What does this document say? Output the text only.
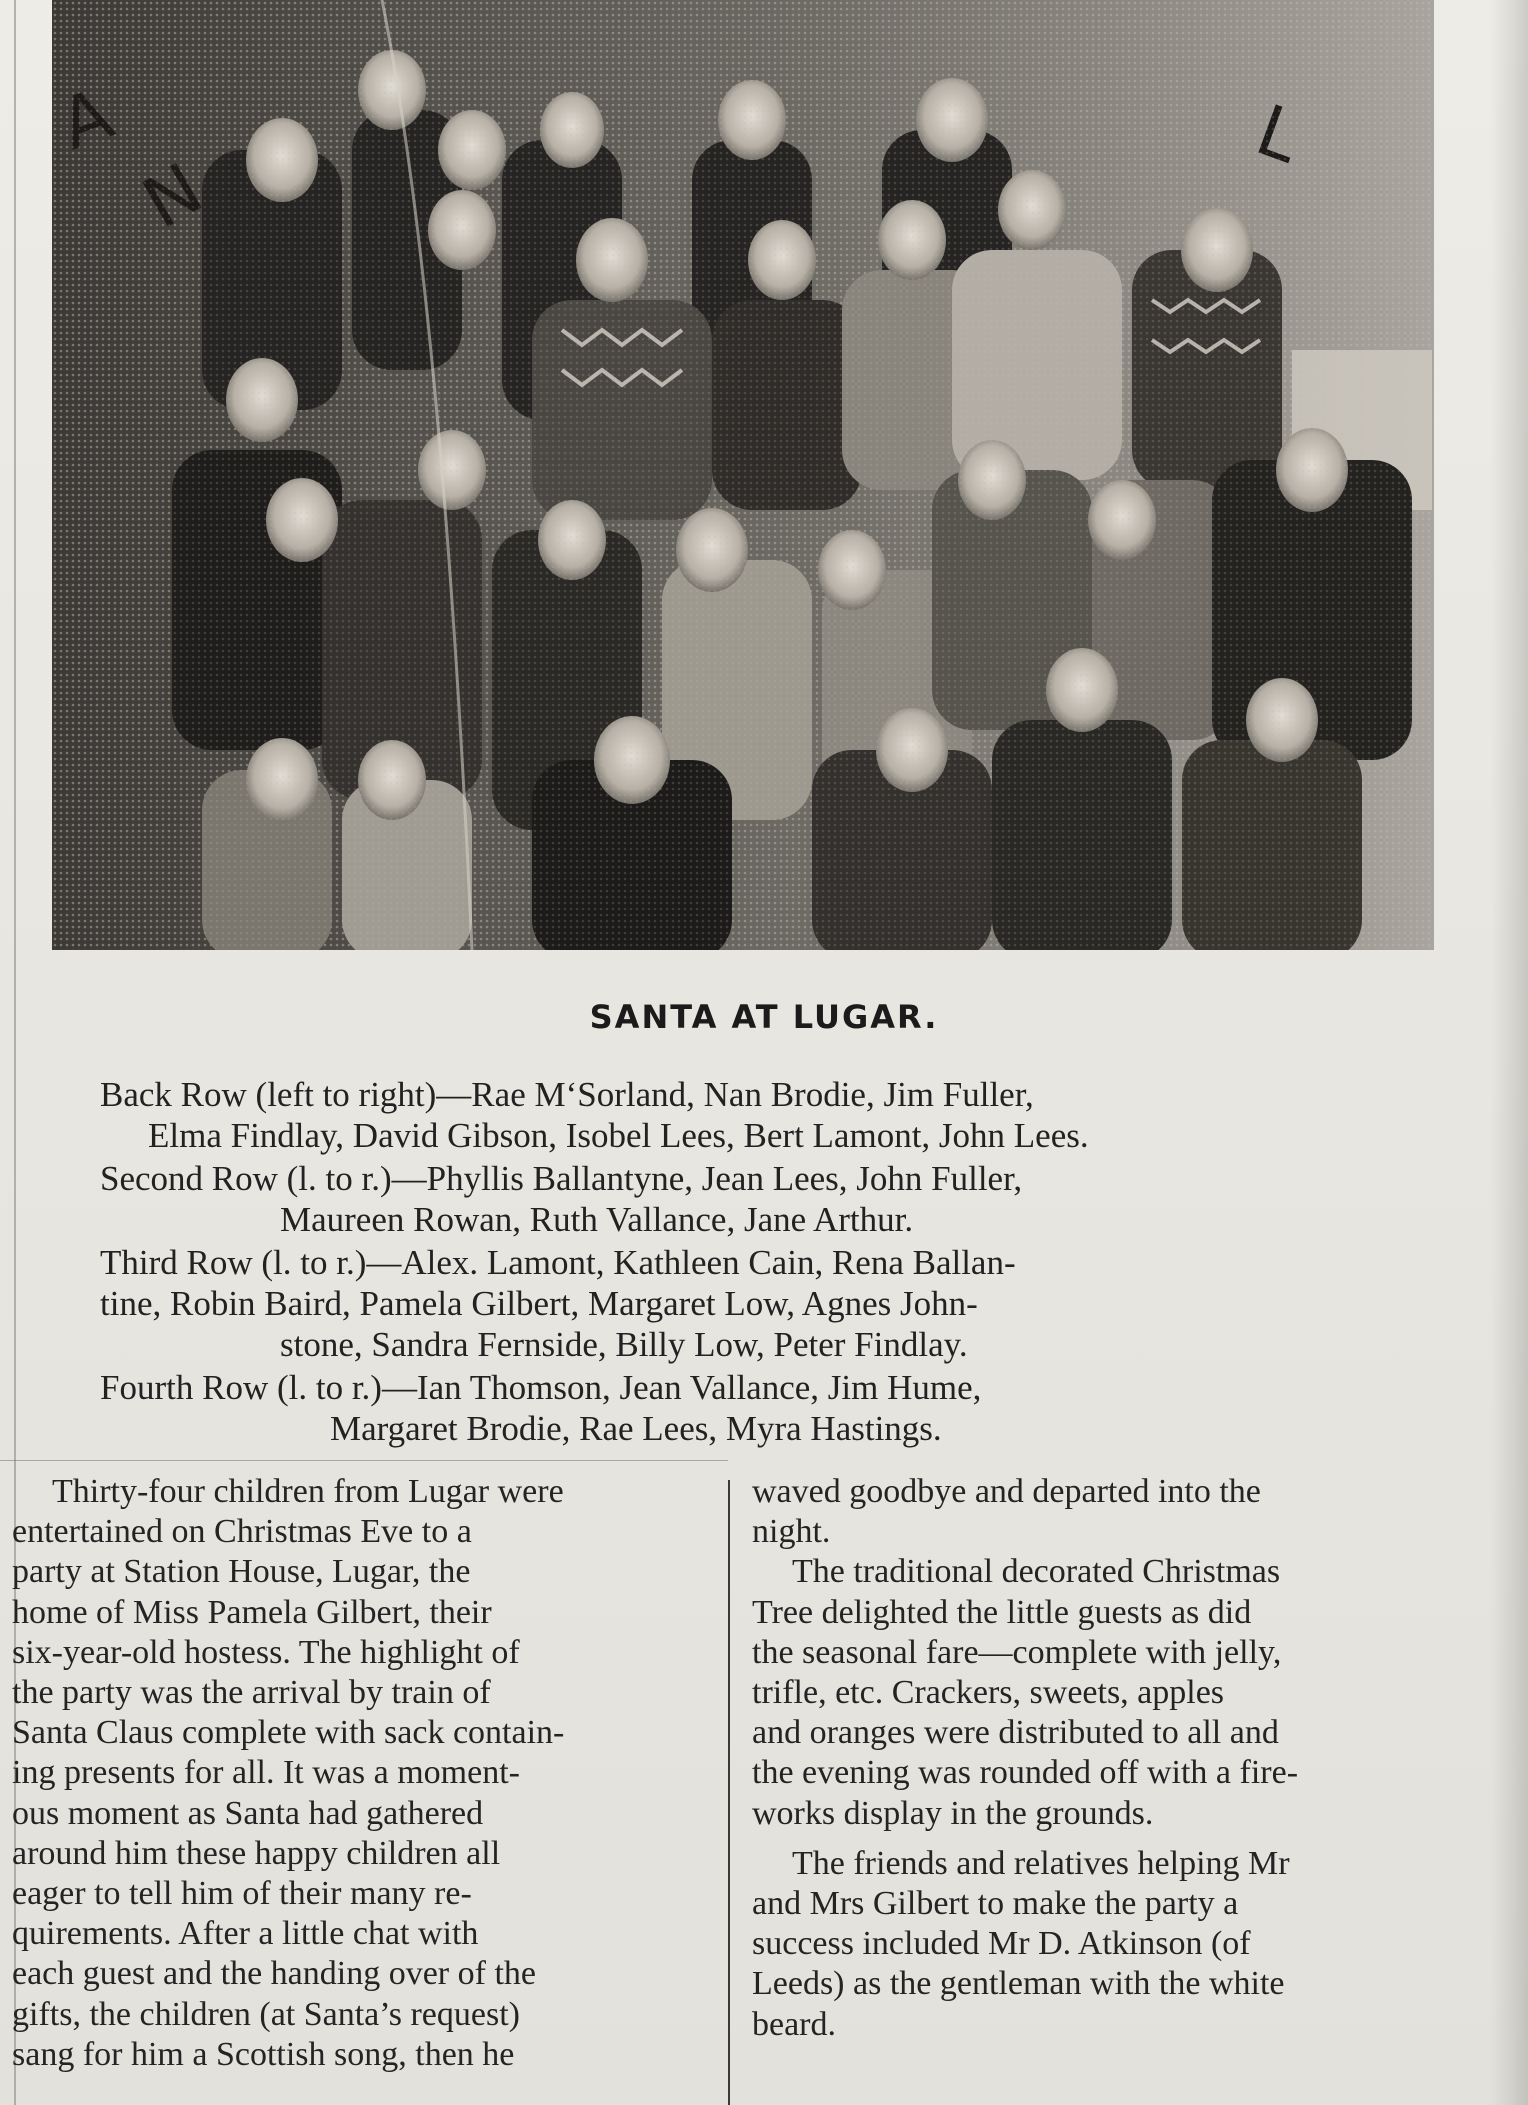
SANTA AT LUGAR.
Back Row (left to right)—Rae M‘Sorland, Nan Brodie, Jim Fuller,
Elma Findlay, David Gibson, Isobel Lees, Bert Lamont, John Lees.
Second Row (l. to r.)—Phyllis Ballantyne, Jean Lees, John Fuller,
Maureen Rowan, Ruth Vallance, Jane Arthur.
Third Row (l. to r.)—Alex. Lamont, Kathleen Cain, Rena Ballan-
tine, Robin Baird, Pamela Gilbert, Margaret Low, Agnes John-
stone, Sandra Fernside, Billy Low, Peter Findlay.
Fourth Row (l. to r.)—Ian Thomson, Jean Vallance, Jim Hume,
Margaret Brodie, Rae Lees, Myra Hastings.
Thirty-four children from Lugar were
entertained on Christmas Eve to a
party at Station House, Lugar, the
home of Miss Pamela Gilbert, their
six-year-old hostess. The highlight of
the party was the arrival by train of
Santa Claus complete with sack contain-
ing presents for all. It was a moment-
ous moment as Santa had gathered
around him these happy children all
eager to tell him of their many re-
quirements. After a little chat with
each guest and the handing over of the
gifts, the children (at Santa’s request)
sang for him a Scottish song, then he
waved goodbye and departed into the
night.
The traditional decorated Christmas
Tree delighted the little guests as did
the seasonal fare—complete with jelly,
trifle, etc. Crackers, sweets, apples
and oranges were distributed to all and
the evening was rounded off with a fire-
works display in the grounds.
The friends and relatives helping Mr
and Mrs Gilbert to make the party a
success included Mr D. Atkinson (of
Leeds) as the gentleman with the white
beard.
